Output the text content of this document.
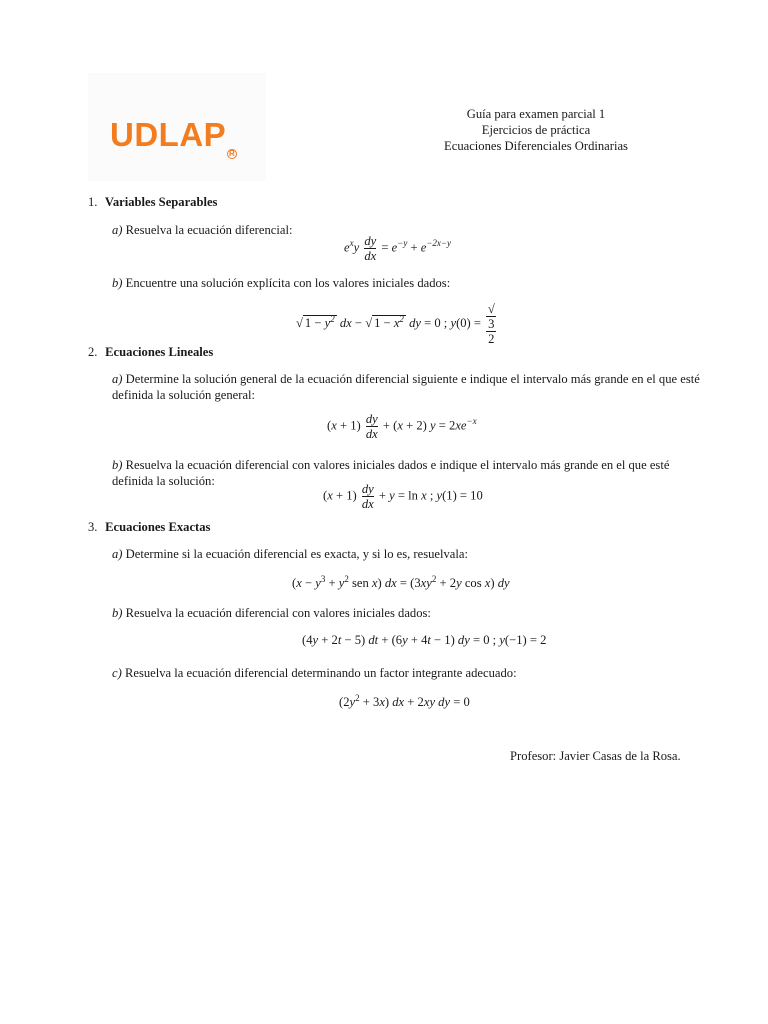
UDLAPR
Guía para examen parcial 1
Ejercicios de práctica
Ecuaciones Diferenciales Ordinarias
1. Variables Separables
a) Resuelva la ecuación diferencial:
$e^xy \frac{dy}{dx} = e^{-y} + e^{-2x-y}$
b) Encuentre una solución explícita con los valores iniciales dados:
√ $1 - y^2$ dx − √ $1 - x^2$ dy = 0 ; y(0) = √
3
2
2. Ecuaciones Lineales
a) Determine la solución general de la ecuación diferencial siguiente e indique el intervalo más grande en el que esté definida la solución general:
$(x + 1) \frac{dy}{dx} + (x + 2) y = 2xe^{-x}$
b) Resuelva la ecuación diferencial con valores iniciales dados e indique el intervalo más grande en el que esté definida la solución:
$(x + 1) \frac{dy}{dx} + y = \ln x$ ; y(1) = 10
3. Ecuaciones Exactas
a) Determine si la ecuación diferencial es exacta, y si lo es, resuelvala:
($x - y^3 + y^2$ sen x) dx = ($3xy^2 + 2y$ cos x) dy
b) Resuelva la ecuación diferencial con valores iniciales dados:
(4y + 2t − 5) dt + (6y + 4t − 1) dy = 0 ; y(−1) = 2
c) Resuelva la ecuación diferencial determinando un factor integrante adecuado:
$(2y^2 + 3x)$ dx + 2xy dy = 0
Profesor: Javier Casas de la Rosa.
